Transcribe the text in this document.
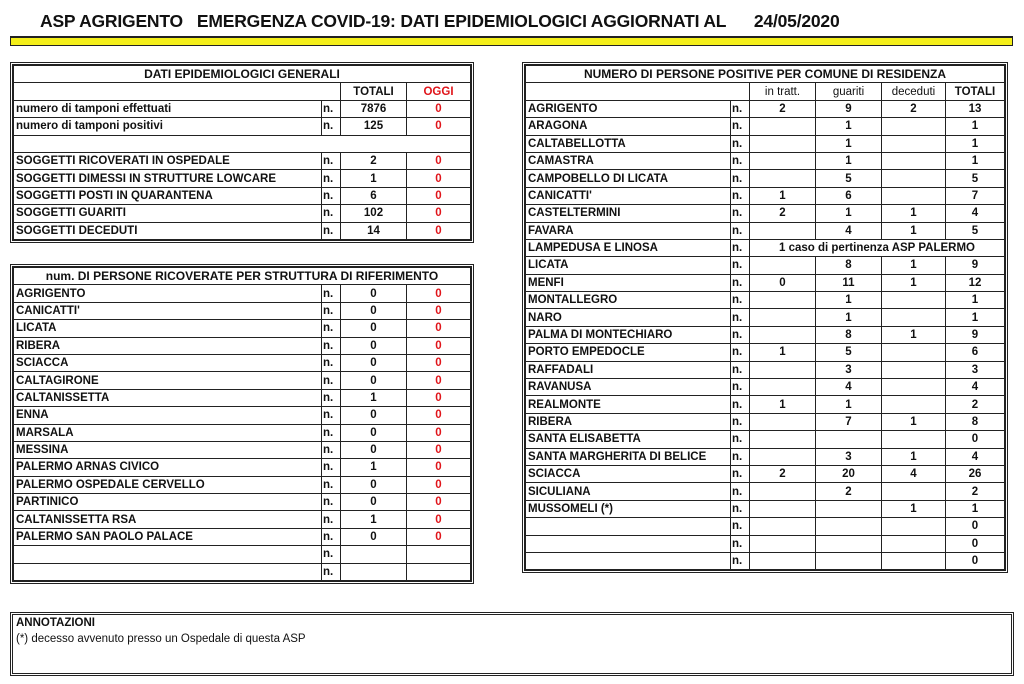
ASP AGRIGENTO   EMERGENZA COVID-19: DATI EPIDEMIOLOGICI AGGIORNATI AL      24/05/2020
DATI EPIDEMIOLOGICI GENERALI			
		TOTALI	OGGI
numero di tamponi effettuati	n.	7876	0
numero di tamponi positivi	n.	125	0

SOGGETTI RICOVERATI IN OSPEDALE	n.	2	0
SOGGETTI DIMESSI IN STRUTTURE LOWCARE	n.	1	0
SOGGETTI POSTI IN QUARANTENA	n.	6	0
SOGGETTI GUARITI	n.	102	0
SOGGETTI DECEDUTI	n.	14	0
num. DI PERSONE RICOVERATE PER STRUTTURA DI RIFERIMENTO			
AGRIGENTO	n.	0	0
CANICATTI'	n.	0	0
LICATA	n.	0	0
RIBERA	n.	0	0
SCIACCA	n.	0	0
CALTAGIRONE	n.	0	0
CALTANISSETTA	n.	1	0
ENNA	n.	0	0
MARSALA	n.	0	0
MESSINA	n.	0	0
PALERMO ARNAS CIVICO	n.	1	0
PALERMO OSPEDALE CERVELLO	n.	0	0
PARTINICO	n.	0	0
CALTANISSETTA RSA	n.	1	0
PALERMO SAN PAOLO PALACE	n.	0	0
	n.		
	n.		
NUMERO DI PERSONE POSITIVE PER COMUNE DI RESIDENZA					
		in tratt.	guariti	deceduti	TOTALI
AGRIGENTO	n.	2	9	2	13
ARAGONA	n.		1		1
CALTABELLOTTA	n.		1		1
CAMASTRA	n.		1		1
CAMPOBELLO DI LICATA	n.		5		5
CANICATTI'	n.	1	6		7
CASTELTERMINI	n.	2	1	1	4
FAVARA	n.		4	1	5
LAMPEDUSA E LINOSA	n.	1 caso di pertinenza ASP PALERMO			
LICATA	n.		8	1	9
MENFI	n.	0	11	1	12
MONTALLEGRO	n.		1		1
NARO	n.		1		1
PALMA DI MONTECHIARO	n.		8	1	9
PORTO EMPEDOCLE	n.	1	5		6
RAFFADALI	n.		3		3
RAVANUSA	n.		4		4
REALMONTE	n.	1	1		2
RIBERA	n.		7	1	8
SANTA ELISABETTA	n.				0
SANTA MARGHERITA DI BELICE	n.		3	1	4
SCIACCA	n.	2	20	4	26
SICULIANA	n.		2		2
MUSSOMELI (*)	n.			1	1
	n.				0
	n.				0
	n.				0
ANNOTAZIONI
(*) decesso avvenuto presso un Ospedale di questa ASP
